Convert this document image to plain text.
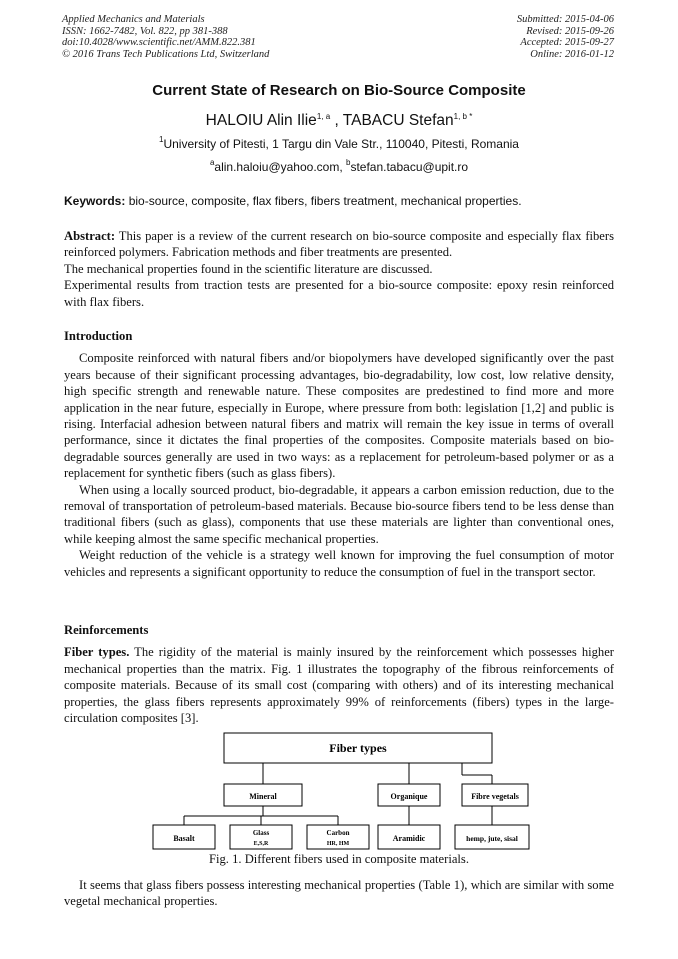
Applied Mechanics and Materials
ISSN: 1662-7482, Vol. 822, pp 381-388
doi:10.4028/www.scientific.net/AMM.822.381
© 2016 Trans Tech Publications Ltd, Switzerland
Submitted: 2015-04-06
Revised: 2015-09-26
Accepted: 2015-09-27
Online: 2016-01-12
Current State of Research on Bio-Source Composite
HALOIU Alin Ilie$^{1, a}$ , TABACU Stefan$^{1, b *}$
$^1$University of Pitesti, 1 Targu din Vale Str., 110040, Pitesti, Romania
$^a$alin.haloiu@yahoo.com, $^b$stefan.tabacu@upit.ro
Keywords: bio-source, composite, flax fibers, fibers treatment, mechanical properties.

Abstract: This paper is a review of the current research on bio-source composite and especially flax fibers reinforced polymers. Fabrication methods and fiber treatments are presented.

The mechanical properties found in the scientific literature are discussed.

Experimental results from traction tests are presented for a bio-source composite: epoxy resin reinforced with flax fibers.

Introduction

Composite reinforced with natural fibers and/or biopolymers have developed significantly over the past years because of their significant processing advantages, bio-degradability, low cost, low relative density, high specific strength and renewable nature. These composites are predestined to find more and more application in the near future, especially in Europe, where pressure from both: legislation [1,2] and public is rising. Interfacial adhesion between natural fibers and matrix will remain the key issue in terms of overall performance, since it dictates the final properties of the composites. Composite materials based on bio-degradable sources generally are used in two ways: as a replacement for petroleum-based polymer or as a replacement for synthetic fibers (such as glass fibers).

When using a locally sourced product, bio-degradable, it appears a carbon emission reduction, due to the removal of transportation of petroleum-based materials. Because bio-source fibers tend to be less dense than traditional fibers (such as glass), components that use these materials are lighter than conventional ones, while keeping almost the same specific mechanical properties.

Weight reduction of the vehicle is a strategy well known for improving the fuel consumption of motor vehicles and represents a significant opportunity to reduce the consumption of fuel in the transport sector.

Reinforcements

Fiber types. The rigidity of the material is mainly insured by the reinforcement which possesses higher mechanical properties than the matrix. Fig. 1 illustrates the topography of the fibrous reinforcements of composite materials. Because of its small cost (comparing with others) and of its interesting mechanical properties, the glass fibers represents approximately 99% of reinforcements (fibers) types in the large-circulation composites [3].

Fiber types
Mineral	Organique	Fibre vegetals
Basalt
Glass
E,S,R
Carbon
HR, HM
Aramidic	hemp, jute, sisal
Fig. 1. Different fibers used in composite materials.

It seems that glass fibers possess interesting mechanical properties (Table 1), which are similar with some vegetal mechanical properties.
